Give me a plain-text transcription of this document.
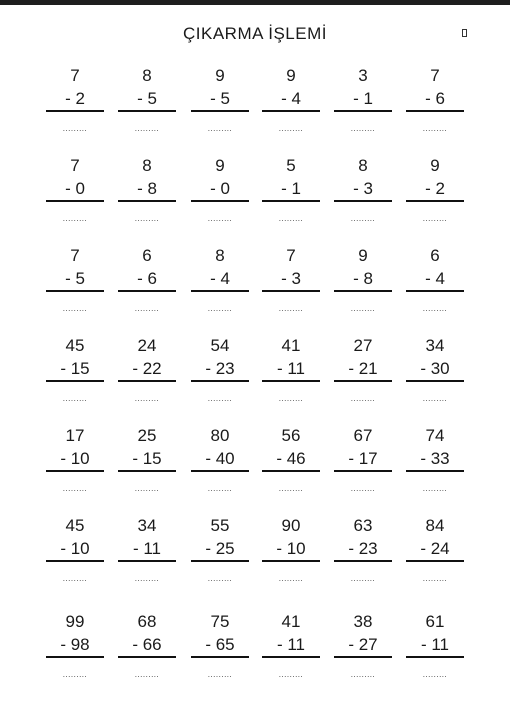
ÇIKARMA İŞLEMİ
7
- 2
.........
8
- 5
.........
9
- 5
.........
9
- 4
.........
3
- 1
.........
7
- 6
.........
7
- 0
.........
8
- 8
.........
9
- 0
.........
5
- 1
.........
8
- 3
.........
9
- 2
.........
7
- 5
.........
6
- 6
.........
8
- 4
.........
7
- 3
.........
9
- 8
.........
6
- 4
.........
45
- 15
.........
24
- 22
.........
54
- 23
.........
41
- 11
.........
27
- 21
.........
34
- 30
.........
17
- 10
.........
25
- 15
.........
80
- 40
.........
56
- 46
.........
67
- 17
.........
74
- 33
.........
45
- 10
.........
34
- 11
.........
55
- 25
.........
90
- 10
.........
63
- 23
.........
84
- 24
.........
99
- 98
.........
68
- 66
.........
75
- 65
.........
41
- 11
.........
38
- 27
.........
61
- 11
.........
